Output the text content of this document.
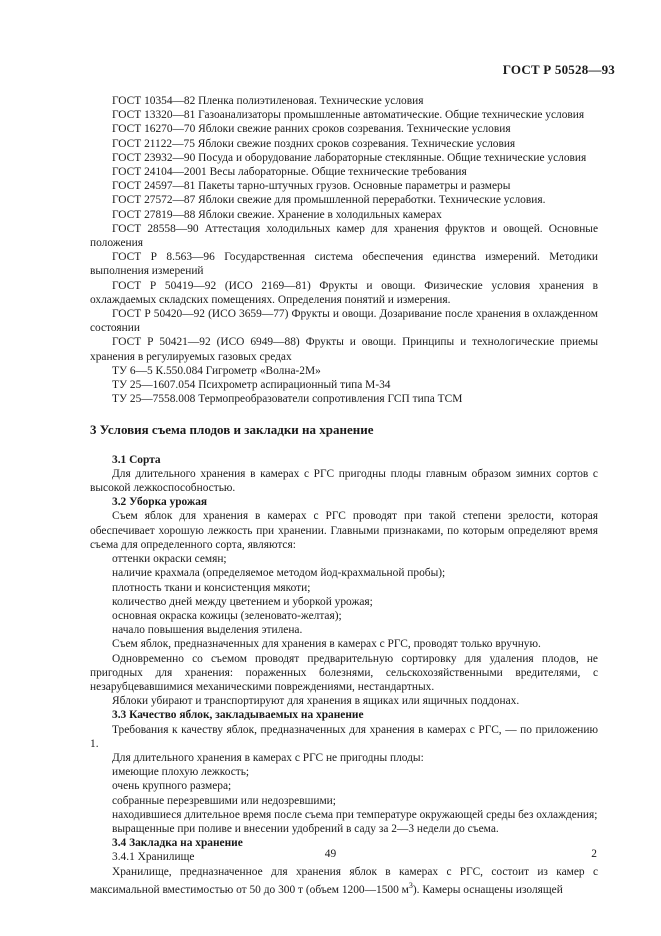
ГОСТ Р 50528—93

ГОСТ 10354—82 Пленка полиэтиленовая. Технические условия

ГОСТ 13320—81 Газоанализаторы промышленные автоматические. Общие технические условия

ГОСТ 16270—70 Яблоки свежие ранних сроков созревания. Технические условия

ГОСТ 21122—75 Яблоки свежие поздних сроков созревания. Технические условия

ГОСТ 23932—90 Посуда и оборудование лабораторные стеклянные. Общие технические условия

ГОСТ 24104—2001 Весы лабораторные. Общие технические требования

ГОСТ 24597—81 Пакеты тарно-штучных грузов. Основные параметры и размеры

ГОСТ 27572—87 Яблоки свежие для промышленной переработки. Технические условия.

ГОСТ 27819—88 Яблоки свежие. Хранение в холодильных камерах

ГОСТ 28558—90 Аттестация холодильных камер для хранения фруктов и овощей. Основные положения

ГОСТ Р 8.563—96 Государственная система обеспечения единства измерений. Методики выполнения измерений

ГОСТ Р 50419—92 (ИСО 2169—81) Фрукты и овощи. Физические условия хранения в охлаждаемых складских помещениях. Определения понятий и измерения.

ГОСТ Р 50420—92 (ИСО 3659—77) Фрукты и овощи. Дозаривание после хранения в охлажденном состоянии

ГОСТ Р 50421—92 (ИСО 6949—88) Фрукты и овощи. Принципы и технологические приемы хранения в регулируемых газовых средах

ТУ 6—5 К.550.084 Гигрометр «Волна-2М»

ТУ 25—1607.054 Психрометр аспирационный типа М-34

ТУ 25—7558.008 Термопреобразователи сопротивления ГСП типа ТСМ

3 Условия съема плодов и закладки на хранение

3.1 Сорта

Для длительного хранения в камерах с РГС пригодны плоды главным образом зимних сортов с высокой лежкоспособностью.

3.2 Уборка урожая

Съем яблок для хранения в камерах с РГС проводят при такой степени зрелости, которая обеспечивает хорошую лежкость при хранении. Главными признаками, по которым определяют время съема для определенного сорта, являются:

оттенки окраски семян;

наличие крахмала (определяемое методом йод-крахмальной пробы);

плотность ткани и консистенция мякоти;

количество дней между цветением и уборкой урожая;

основная окраска кожицы (зеленовато-желтая);

начало повышения выделения этилена.

Съем яблок, предназначенных для хранения в камерах с РГС, проводят только вручную.

Одновременно со съемом проводят предварительную сортировку для удаления плодов, не пригодных для хранения: пораженных болезнями, сельскохозяйственными вредителями, с незарубцевавшимися механическими повреждениями, нестандартных.

Яблоки убирают и транспортируют для хранения в ящиках или ящичных поддонах.

3.3 Качество яблок, закладываемых на хранение

Требования к качеству яблок, предназначенных для хранения в камерах с РГС, — по приложению 1.

Для длительного хранения в камерах с РГС не пригодны плоды:

имеющие плохую лежкость;

очень крупного размера;

собранные перезревшими или недозревшими;

находившиеся длительное время после съема при температуре окружающей среды без охлаждения;

выращенные при поливе и внесении удобрений в саду за 2—3 недели до съема.

3.4 Закладка на хранение

3.4.1 Хранилище

Хранилище, предназначенное для хранения яблок в камерах с РГС, состоит из камер с максимальной вместимостью от 50 до 300 т (объем 1200—1500 $м^3$). Камеры оснащены изолящей

49	2
